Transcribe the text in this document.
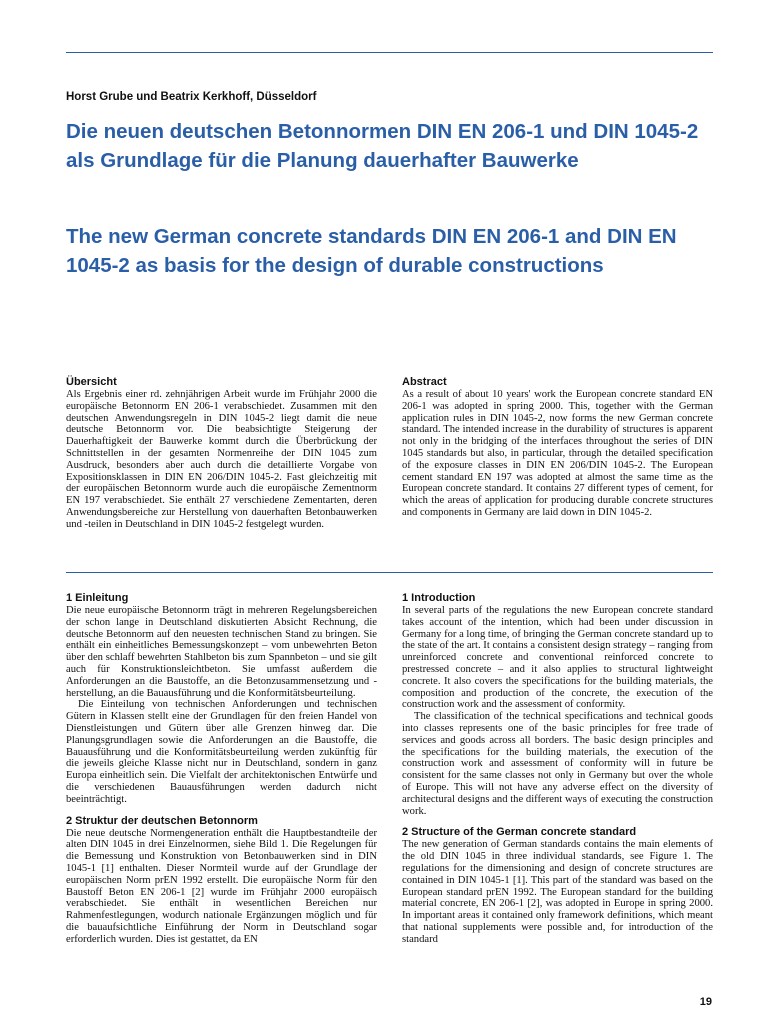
Horst Grube und Beatrix Kerkhoff, Düsseldorf
Die neuen deutschen Betonnormen DIN EN 206-1 und DIN 1045-2 als Grundlage für die Planung dauerhafter Bauwerke
The new German concrete standards DIN EN 206-1 and DIN EN 1045-2 as basis for the design of durable constructions
Übersicht

Als Ergebnis einer rd. zehnjährigen Arbeit wurde im Frühjahr 2000 die europäische Betonnorm EN 206-1 verabschiedet. Zusammen mit den deutschen Anwendungsregeln in DIN 1045-2 liegt damit die neue deutsche Betonnorm vor. Die beabsichtigte Steigerung der Dauerhaftigkeit der Bauwerke kommt durch die Überbrückung der Schnittstellen in der gesamten Normenreihe der DIN 1045 zum Ausdruck, besonders aber auch durch die detaillierte Vorgabe von Expositionsklassen in DIN EN 206/DIN 1045-2. Fast gleichzeitig mit der europäischen Betonnorm wurde auch die europäische Zementnorm EN 197 verabschiedet. Sie enthält 27 verschiedene Zementarten, deren Anwendungsbereiche zur Herstellung von dauerhaften Betonbauwerken und -teilen in Deutschland in DIN 1045-2 festgelegt wurden.

Abstract

As a result of about 10 years' work the European concrete standard EN 206-1 was adopted in spring 2000. This, together with the German application rules in DIN 1045-2, now forms the new German concrete standard. The intended increase in the durability of structures is apparent not only in the bridging of the interfaces throughout the series of DIN 1045 standards but also, in particular, through the detailed specification of the exposure classes in DIN EN 206/DIN 1045-2. The European cement standard EN 197 was adopted at almost the same time as the European concrete standard. It contains 27 different types of cement, for which the areas of application for producing durable concrete structures and components in Germany are laid down in DIN 1045-2.

1 Einleitung

Die neue europäische Betonnorm trägt in mehreren Regelungsbereichen der schon lange in Deutschland diskutierten Absicht Rechnung, die deutsche Betonnorm auf den neuesten technischen Stand zu bringen. Sie enthält ein einheitliches Bemessungskonzept – vom unbewehrten Beton über den schlaff bewehrten Stahlbeton bis zum Spannbeton – und sie gilt auch für Konstruktionsleichtbeton. Sie umfasst außerdem die Anforderungen an die Baustoffe, an die Betonzusammensetzung und -herstellung, an die Bauausführung und die Konformitätsbeurteilung.

Die Einteilung von technischen Anforderungen und technischen Gütern in Klassen stellt eine der Grundlagen für den freien Handel von Dienstleistungen und Gütern über alle Grenzen hinweg dar. Die Planungsgrundlagen sowie die Anforderungen an die Baustoffe, die Bauausführung und die Konformitätsbeurteilung werden zukünftig für die jeweils gleiche Klasse nicht nur in Deutschland, sondern in ganz Europa einheitlich sein. Die Vielfalt der architektonischen Entwürfe und die verschiedenen Bauausführungen werden dadurch nicht beeinträchtigt.

2 Struktur der deutschen Betonnorm

Die neue deutsche Normengeneration enthält die Hauptbestandteile der alten DIN 1045 in drei Einzelnormen, siehe Bild 1. Die Regelungen für die Bemessung und Konstruktion von Betonbauwerken sind in DIN 1045-1 [1] enthalten. Dieser Normteil wurde auf der Grundlage der europäischen Norm prEN 1992 erstellt. Die europäische Norm für den Baustoff Beton EN 206-1 [2] wurde im Frühjahr 2000 europäisch verabschiedet. Sie enthält in wesentlichen Bereichen nur Rahmenfestlegungen, wodurch nationale Ergänzungen möglich und für die bauaufsichtliche Einführung der Norm in Deutschland sogar erforderlich wurden. Dies ist gestattet, da EN

1 Introduction

In several parts of the regulations the new European concrete standard takes account of the intention, which had been under discussion in Germany for a long time, of bringing the German concrete standard up to the state of the art. It contains a consistent design strategy – ranging from unreinforced concrete and conventional reinforced concrete to prestressed concrete – and it also applies to structural lightweight concrete. It also covers the specifications for the building materials, the composition and production of the concrete, the execution of the construction work and the assessment of conformity.

The classification of the technical specifications and technical goods into classes represents one of the basic principles for free trade of services and goods across all borders. The basic design principles and the specifications for the building materials, the execution of the construction work and assessment of conformity will in future be consistent for the same classes not only in Germany but over the whole of Europe. This will not have any adverse effect on the diversity of architectural designs and the different ways of executing the construction work.

2 Structure of the German concrete standard

The new generation of German standards contains the main elements of the old DIN 1045 in three individual standards, see Figure 1. The regulations for the dimensioning and design of concrete structures are contained in DIN 1045-1 [1]. This part of the standard was based on the European standard prEN 1992. The European standard for the building material concrete, EN 206-1 [2], was adopted in Europe in spring 2000. In important areas it contained only framework definitions, which meant that national supplements were possible and, for introduction of the standard

19
